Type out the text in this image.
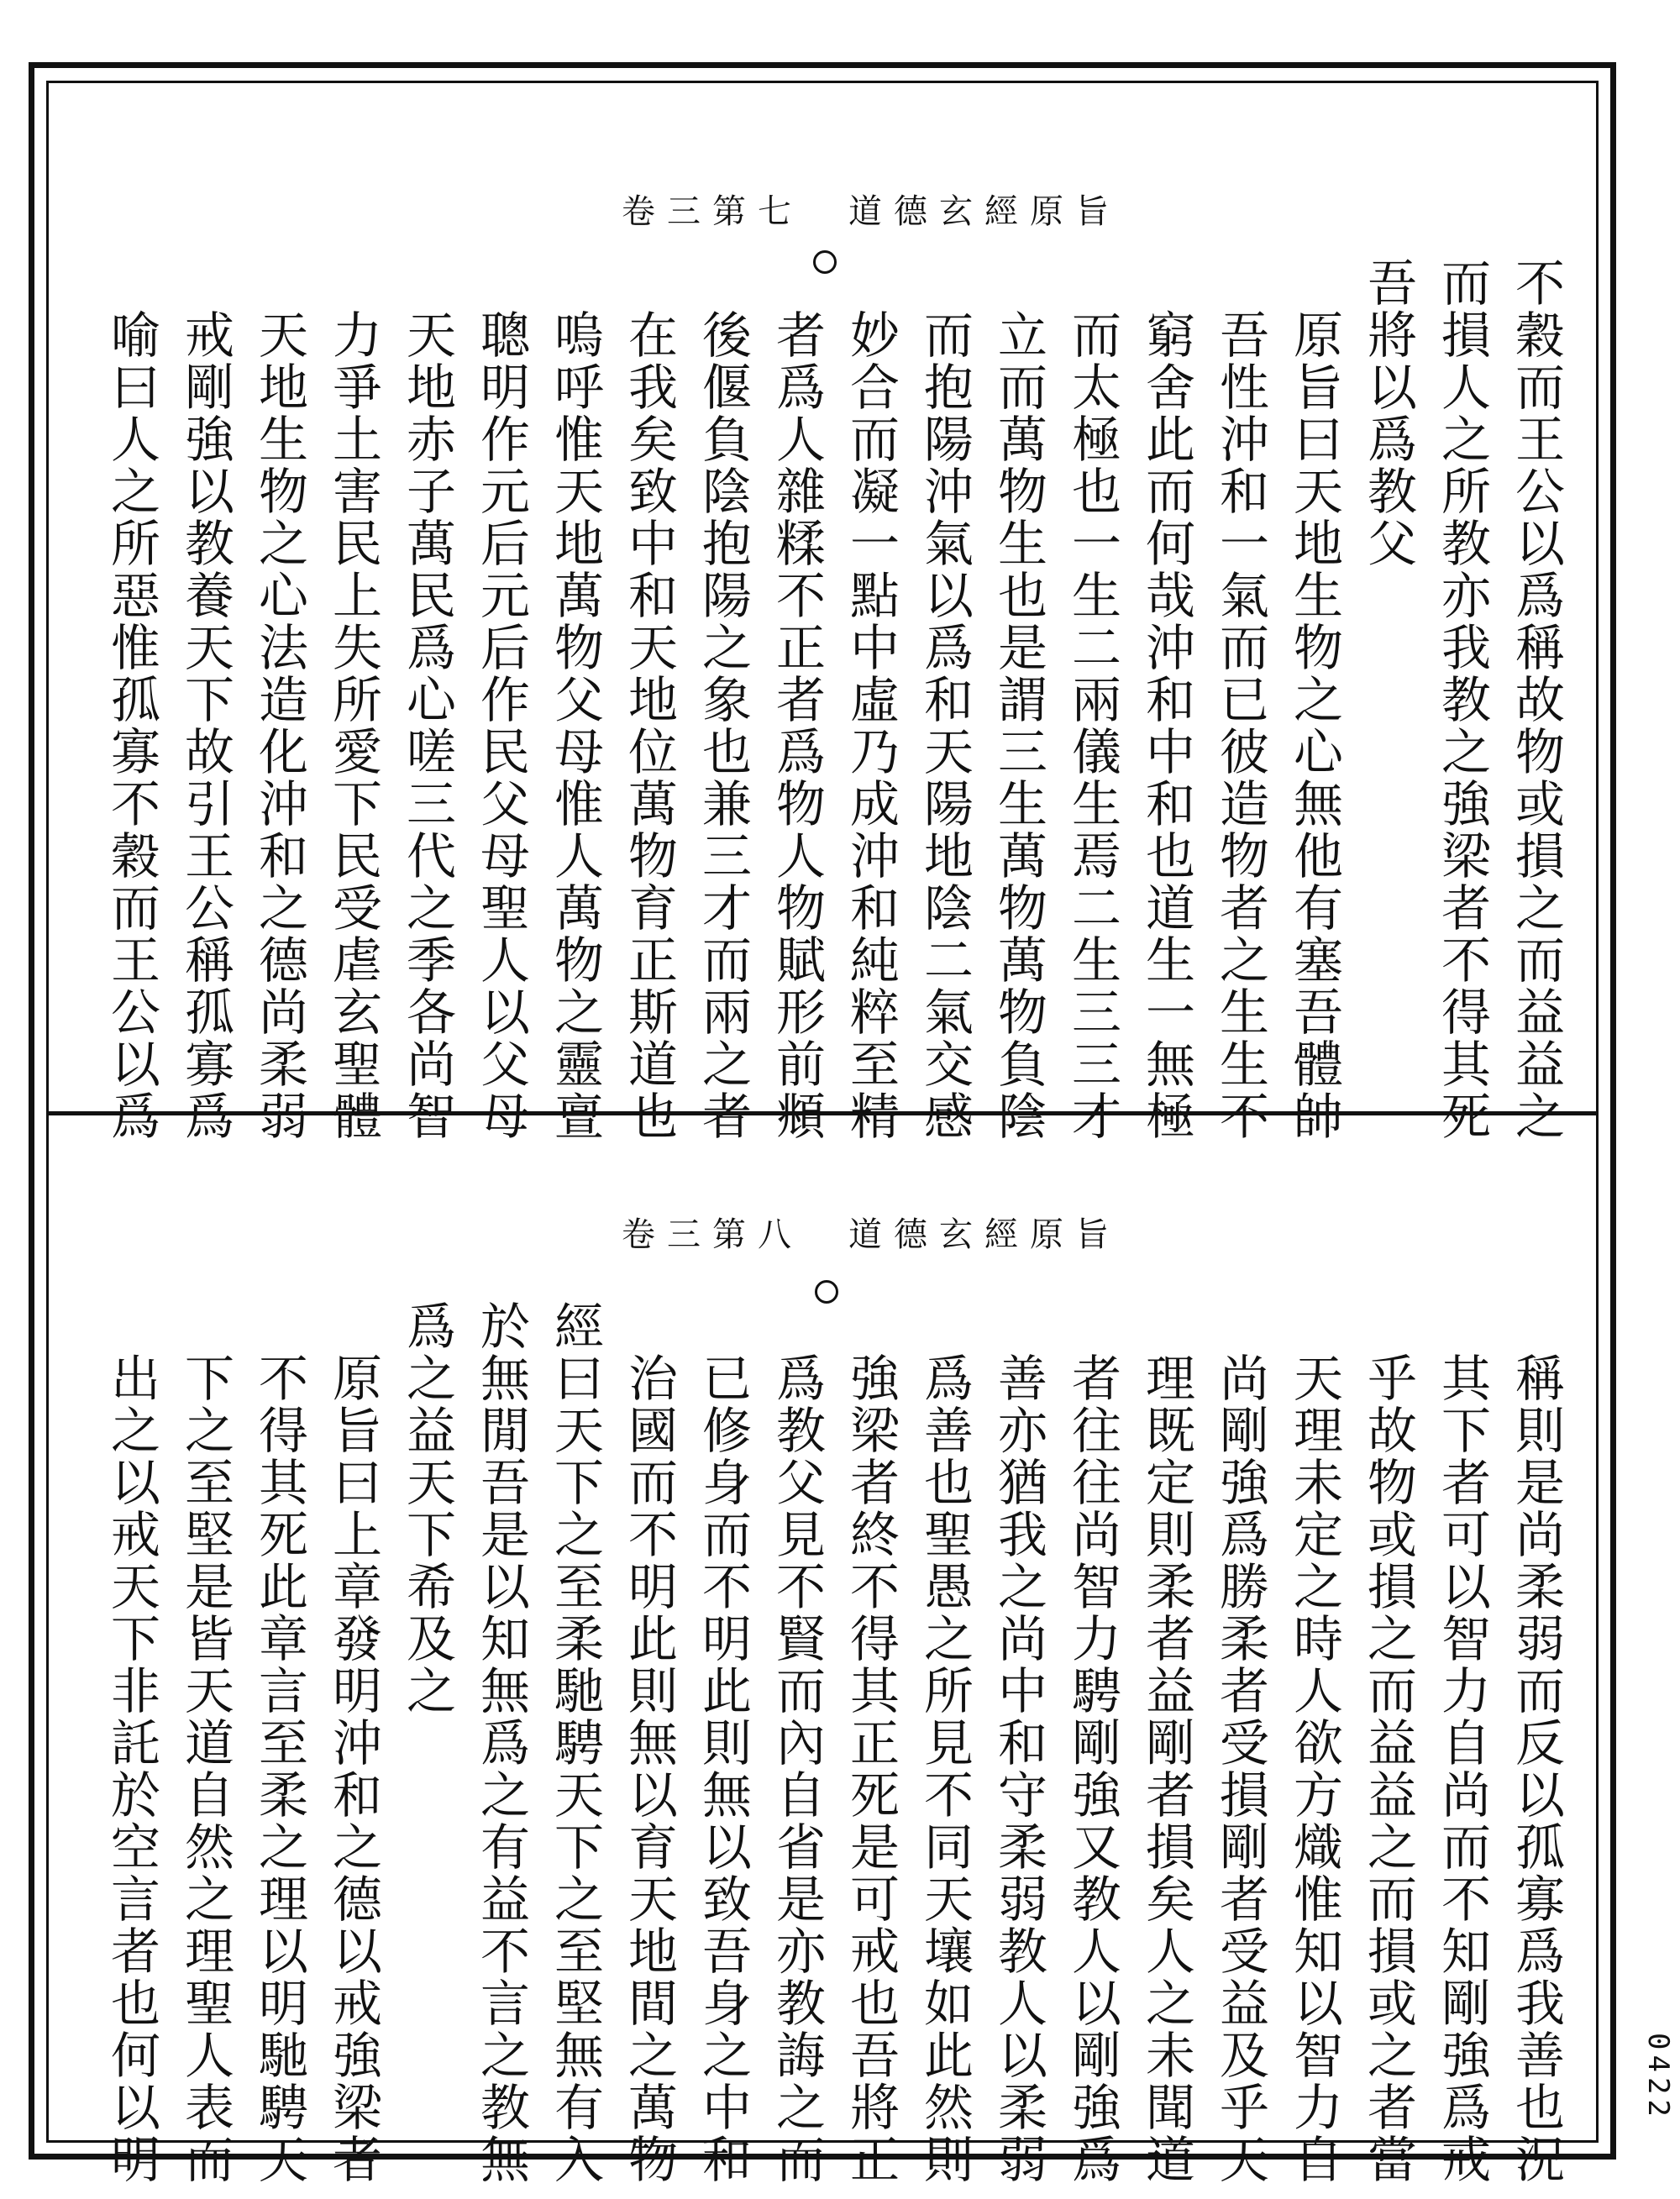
卷三第七 道德玄經原旨
不穀而王公以爲稱故物或損之而益益之
而損人之所教亦我教之強梁者不得其死
吾將以爲教父
　原旨曰天地生物之心無他有塞吾體帥
　吾性沖和一氣而已彼造物者之生生不
　窮舍此而何哉沖和中和也道生一無極
　而太極也一生二兩儀生焉二生三三才
　立而萬物生也是謂三生萬物萬物負陰
　而抱陽沖氣以爲和天陽地陰二氣交感
　妙合而凝一點中虛乃成沖和純粹至精
　者爲人雜糅不正者爲物人物賦形前頫
　後偃負陰抱陽之象也兼三才而兩之者
　在我矣致中和天地位萬物育正斯道也
　嗚呼惟天地萬物父母惟人萬物之靈亶
　聰明作元后元后作民父母聖人以父母
　天地赤子萬民爲心嗟三代之季各尚智
　力爭土害民上失所愛下民受虐玄聖體
　天地生物之心法造化沖和之德尚柔弱
　戒剛強以教養天下故引王公稱孤寡爲
　喻曰人之所惡惟孤寡不穀而王公以爲
卷三第八 道德玄經原旨
　稱則是尚柔弱而反以孤寡爲我善也況
　其下者可以智力自尚而不知剛強爲戒
　乎故物或損之而益益之而損或之者當
　天理未定之時人欲方熾惟知以智力自
　尚剛強爲勝柔者受損剛者受益及乎天
　理既定則柔者益剛者損矣人之未聞道
　者往往尚智力騁剛強又教人以剛強爲
　善亦猶我之尚中和守柔弱教人以柔弱
　爲善也聖愚之所見不同天壤如此然則
　強梁者終不得其正死是可戒也吾將正
　爲教父見不賢而內自省是亦教誨之而
　已修身而不明此則無以致吾身之中和
　治國而不明此則無以育天地間之萬物
經曰天下之至柔馳騁天下之至堅無有入
於無閒吾是以知無爲之有益不言之教無
爲之益天下希及之
　原旨曰上章發明沖和之德以戒強梁者
　不得其死此章言至柔之理以明馳騁天
　下之至堅是皆天道自然之理聖人表而
　出之以戒天下非託於空言者也何以明	0422
